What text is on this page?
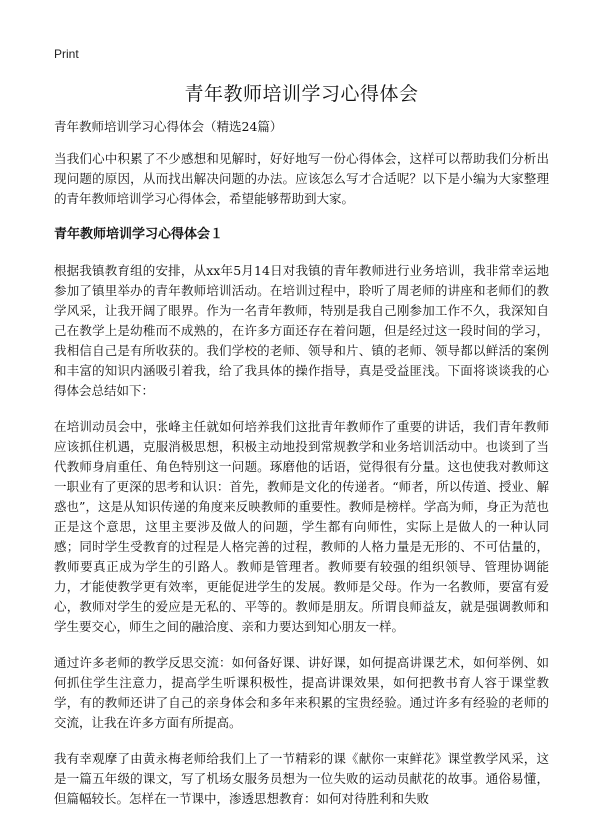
Print
青年教师培训学习心得体会

青年教师培训学习心得体会（精选24篇）

当我们心中积累了不少感想和见解时，好好地写一份心得体会，这样可以帮助我们分析出现问题的原因，从而找出解决问题的办法。应该怎么写才合适呢？以下是小编为大家整理的青年教师培训学习心得体会，希望能够帮助到大家。

青年教师培训学习心得体会１

根据我镇教育组的安排，从xx年5月14日对我镇的青年教师进行业务培训，我非常幸运地参加了镇里举办的青年教师培训活动。在培训过程中，聆听了周老师的讲座和老师们的教学风采，让我开阔了眼界。作为一名青年教师，特别是我自己刚参加工作不久，我深知自己在教学上是幼稚而不成熟的，在许多方面还存在着问题，但是经过这一段时间的学习，我相信自己是有所收获的。我们学校的老师、领导和片、镇的老师、领导都以鲜活的案例和丰富的知识内涵吸引着我，给了我具体的操作指导，真是受益匪浅。下面将谈谈我的心得体会总结如下：

在培训动员会中，张峰主任就如何培养我们这批青年教师作了重要的讲话，我们青年教师应该抓住机遇，克服消极思想，积极主动地投到常规教学和业务培训活动中。也谈到了当代教师身肩重任、角色特别这一问题。琢磨他的话语，觉得很有分量。这也使我对教师这一职业有了更深的思考和认识：首先，教师是文化的传递者。“师者，所以传道、授业、解惑也”，这是从知识传递的角度来反映教师的重要性。教师是榜样。学高为师，身正为范也正是这个意思，这里主要涉及做人的问题，学生都有向师性，实际上是做人的一种认同感；同时学生受教育的过程是人格完善的过程，教师的人格力量是无形的、不可估量的，教师要真正成为学生的引路人。教师是管理者。教师要有较强的组织领导、管理协调能力，才能使教学更有效率，更能促进学生的发展。教师是父母。作为一名教师，要富有爱心，教师对学生的爱应是无私的、平等的。教师是朋友。所谓良师益友，就是强调教师和学生要交心，师生之间的融洽度、亲和力要达到知心朋友一样。

通过许多老师的教学反思交流：如何备好课、讲好课，如何提高讲课艺术，如何举例、如何抓住学生注意力，提高学生听课积极性，提高讲课效果，如何把教书育人容于课堂教学，有的教师还讲了自己的亲身体会和多年来积累的宝贵经验。通过许多有经验的老师的交流，让我在许多方面有所提高。

我有幸观摩了由黄永梅老师给我们上了一节精彩的课《献你一束鲜花》课堂教学风采，这是一篇五年级的课文，写了机场女服务员想为一位失败的运动员献花的故事。通俗易懂，但篇幅较长。怎样在一节课中，渗透思想教育：如何对待胜利和失败
